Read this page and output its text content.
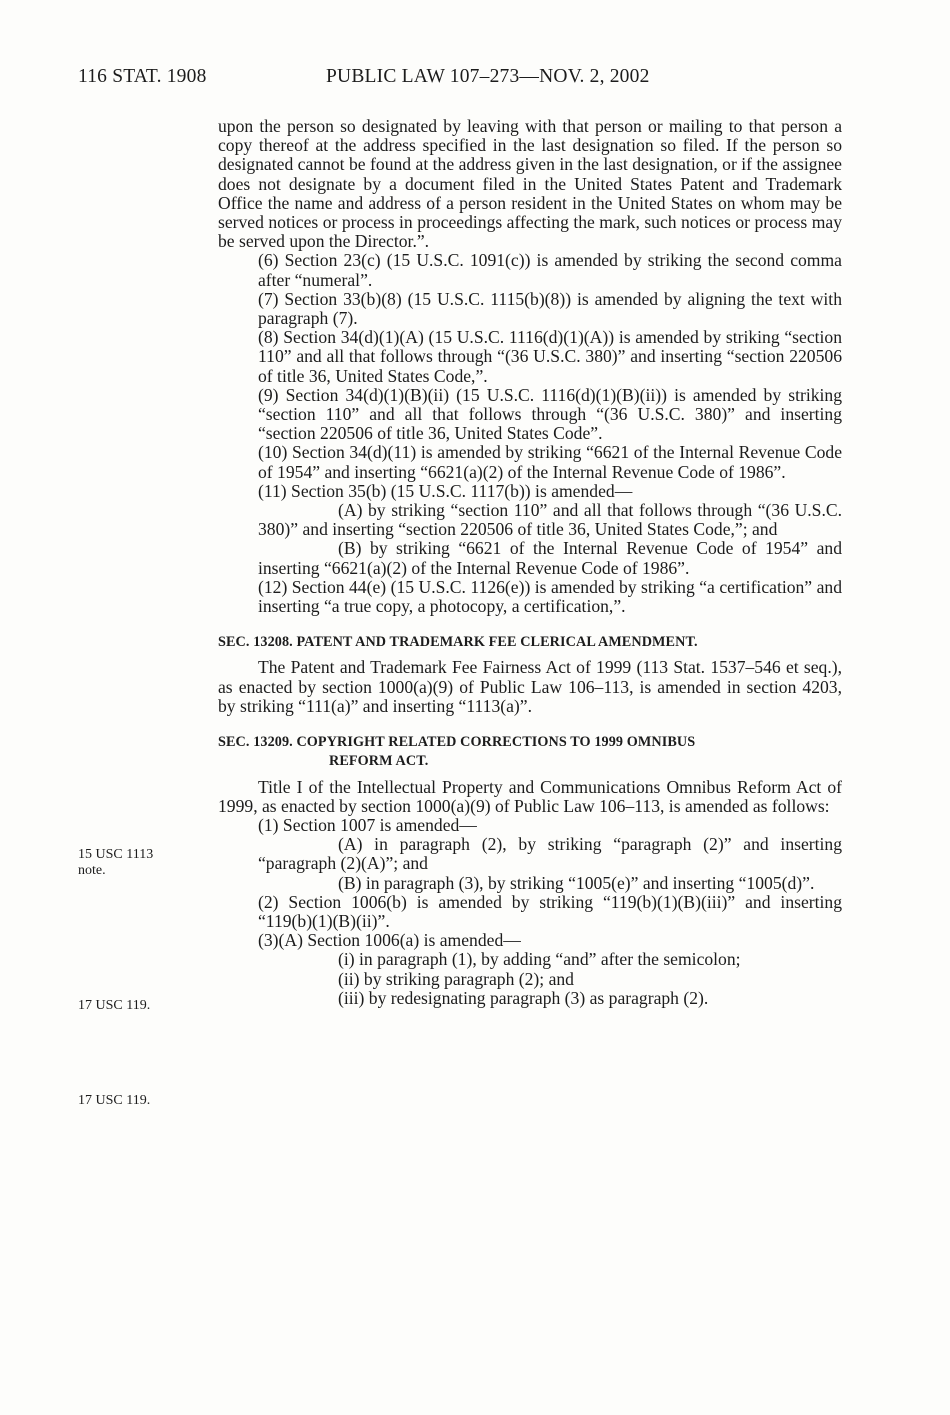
116 STAT. 1908	PUBLIC LAW 107–273—NOV. 2, 2002
15 USC 1113
note.
17 USC 119.
17 USC 119.

upon the person so designated by leaving with that person or mailing to that person a copy thereof at the address specified in the last designation so filed. If the person so designated cannot be found at the address given in the last designation, or if the assignee does not designate by a document filed in the United States Patent and Trademark Office the name and address of a person resident in the United States on whom may be served notices or process in proceedings affecting the mark, such notices or process may be served upon the Director.”.

(6) Section 23(c) (15 U.S.C. 1091(c)) is amended by striking the second comma after “numeral”.

(7) Section 33(b)(8) (15 U.S.C. 1115(b)(8)) is amended by aligning the text with paragraph (7).

(8) Section 34(d)(1)(A) (15 U.S.C. 1116(d)(1)(A)) is amended by striking “section 110” and all that follows through “(36 U.S.C. 380)” and inserting “section 220506 of title 36, United States Code,”.

(9) Section 34(d)(1)(B)(ii) (15 U.S.C. 1116(d)(1)(B)(ii)) is amended by striking “section 110” and all that follows through “(36 U.S.C. 380)” and inserting “section 220506 of title 36, United States Code”.

(10) Section 34(d)(11) is amended by striking “6621 of the Internal Revenue Code of 1954” and inserting “6621(a)(2) of the Internal Revenue Code of 1986”.

(11) Section 35(b) (15 U.S.C. 1117(b)) is amended—

(A) by striking “section 110” and all that follows through “(36 U.S.C. 380)” and inserting “section 220506 of title 36, United States Code,”; and

(B) by striking “6621 of the Internal Revenue Code of 1954” and inserting “6621(a)(2) of the Internal Revenue Code of 1986”.

(12) Section 44(e) (15 U.S.C. 1126(e)) is amended by striking “a certification” and inserting “a true copy, a photocopy, a certification,”.

SEC. 13208. PATENT AND TRADEMARK FEE CLERICAL AMENDMENT.

The Patent and Trademark Fee Fairness Act of 1999 (113 Stat. 1537–546 et seq.), as enacted by section 1000(a)(9) of Public Law 106–113, is amended in section 4203, by striking “111(a)” and inserting “1113(a)”.

SEC. 13209. COPYRIGHT RELATED CORRECTIONS TO 1999 OMNIBUS

REFORM ACT.

Title I of the Intellectual Property and Communications Omnibus Reform Act of 1999, as enacted by section 1000(a)(9) of Public Law 106–113, is amended as follows:

(1) Section 1007 is amended—

(A) in paragraph (2), by striking “paragraph (2)” and inserting “paragraph (2)(A)”; and

(B) in paragraph (3), by striking “1005(e)” and inserting “1005(d)”.

(2) Section 1006(b) is amended by striking “119(b)(1)(B)(iii)” and inserting “119(b)(1)(B)(ii)”.

(3)(A) Section 1006(a) is amended—

(i) in paragraph (1), by adding “and” after the semicolon;

(ii) by striking paragraph (2); and

(iii) by redesignating paragraph (3) as paragraph (2).
